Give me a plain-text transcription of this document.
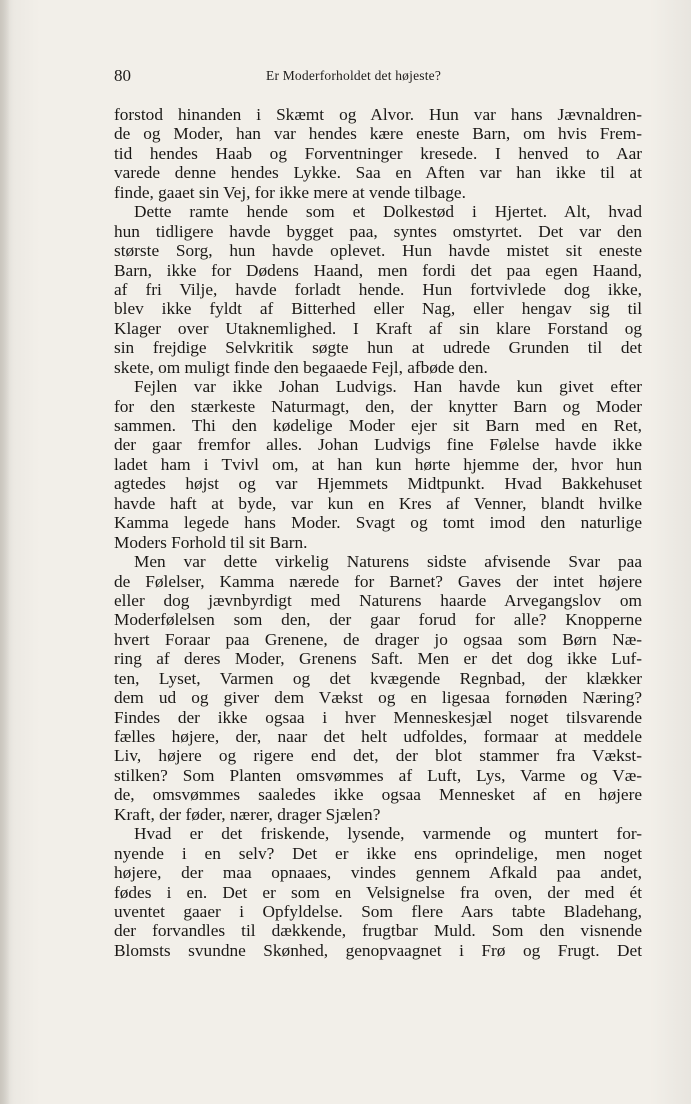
80	Er Moderforholdet det højeste?
forstod hinanden i Skæmt og Alvor. Hun var hans Jævnaldren-
de og Moder, han var hendes kære eneste Barn, om hvis Frem-
tid hendes Haab og Forventninger kresede. I henved to Aar
varede denne hendes Lykke. Saa en Aften var han ikke til at
finde, gaaet sin Vej, for ikke mere at vende tilbage.
Dette ramte hende som et Dolkestød i Hjertet. Alt, hvad
hun tidligere havde bygget paa, syntes omstyrtet. Det var den
største Sorg, hun havde oplevet. Hun havde mistet sit eneste
Barn, ikke for Dødens Haand, men fordi det paa egen Haand,
af fri Vilje, havde forladt hende. Hun fortvivlede dog ikke,
blev ikke fyldt af Bitterhed eller Nag, eller hengav sig til
Klager over Utaknemlighed. I Kraft af sin klare Forstand og
sin frejdige Selvkritik søgte hun at udrede Grunden til det
skete, om muligt finde den begaaede Fejl, afbøde den.
Fejlen var ikke Johan Ludvigs. Han havde kun givet efter
for den stærkeste Naturmagt, den, der knytter Barn og Moder
sammen. Thi den kødelige Moder ejer sit Barn med en Ret,
der gaar fremfor alles. Johan Ludvigs fine Følelse havde ikke
ladet ham i Tvivl om, at han kun hørte hjemme der, hvor hun
agtedes højst og var Hjemmets Midtpunkt. Hvad Bakkehuset
havde haft at byde, var kun en Kres af Venner, blandt hvilke
Kamma legede hans Moder. Svagt og tomt imod den naturlige
Moders Forhold til sit Barn.
Men var dette virkelig Naturens sidste afvisende Svar paa
de Følelser, Kamma nærede for Barnet? Gaves der intet højere
eller dog jævnbyrdigt med Naturens haarde Arvegangslov om
Moderfølelsen som den, der gaar forud for alle? Knopperne
hvert Foraar paa Grenene, de drager jo ogsaa som Børn Næ-
ring af deres Moder, Grenens Saft. Men er det dog ikke Luf-
ten, Lyset, Varmen og det kvægende Regnbad, der klækker
dem ud og giver dem Vækst og en ligesaa fornøden Næring?
Findes der ikke ogsaa i hver Menneskesjæl noget tilsvarende
fælles højere, der, naar det helt udfoldes, formaar at meddele
Liv, højere og rigere end det, der blot stammer fra Vækst-
stilken? Som Planten omsvømmes af Luft, Lys, Varme og Væ-
de, omsvømmes saaledes ikke ogsaa Mennesket af en højere
Kraft, der føder, nærer, drager Sjælen?
Hvad er det friskende, lysende, varmende og muntert for-
nyende i en selv? Det er ikke ens oprindelige, men noget
højere, der maa opnaaes, vindes gennem Afkald paa andet,
fødes i en. Det er som en Velsignelse fra oven, der med ét
uventet gaaer i Opfyldelse. Som flere Aars tabte Bladehang,
der forvandles til dækkende, frugtbar Muld. Som den visnende
Blomsts svundne Skønhed, genopvaagnet i Frø og Frugt. Det
